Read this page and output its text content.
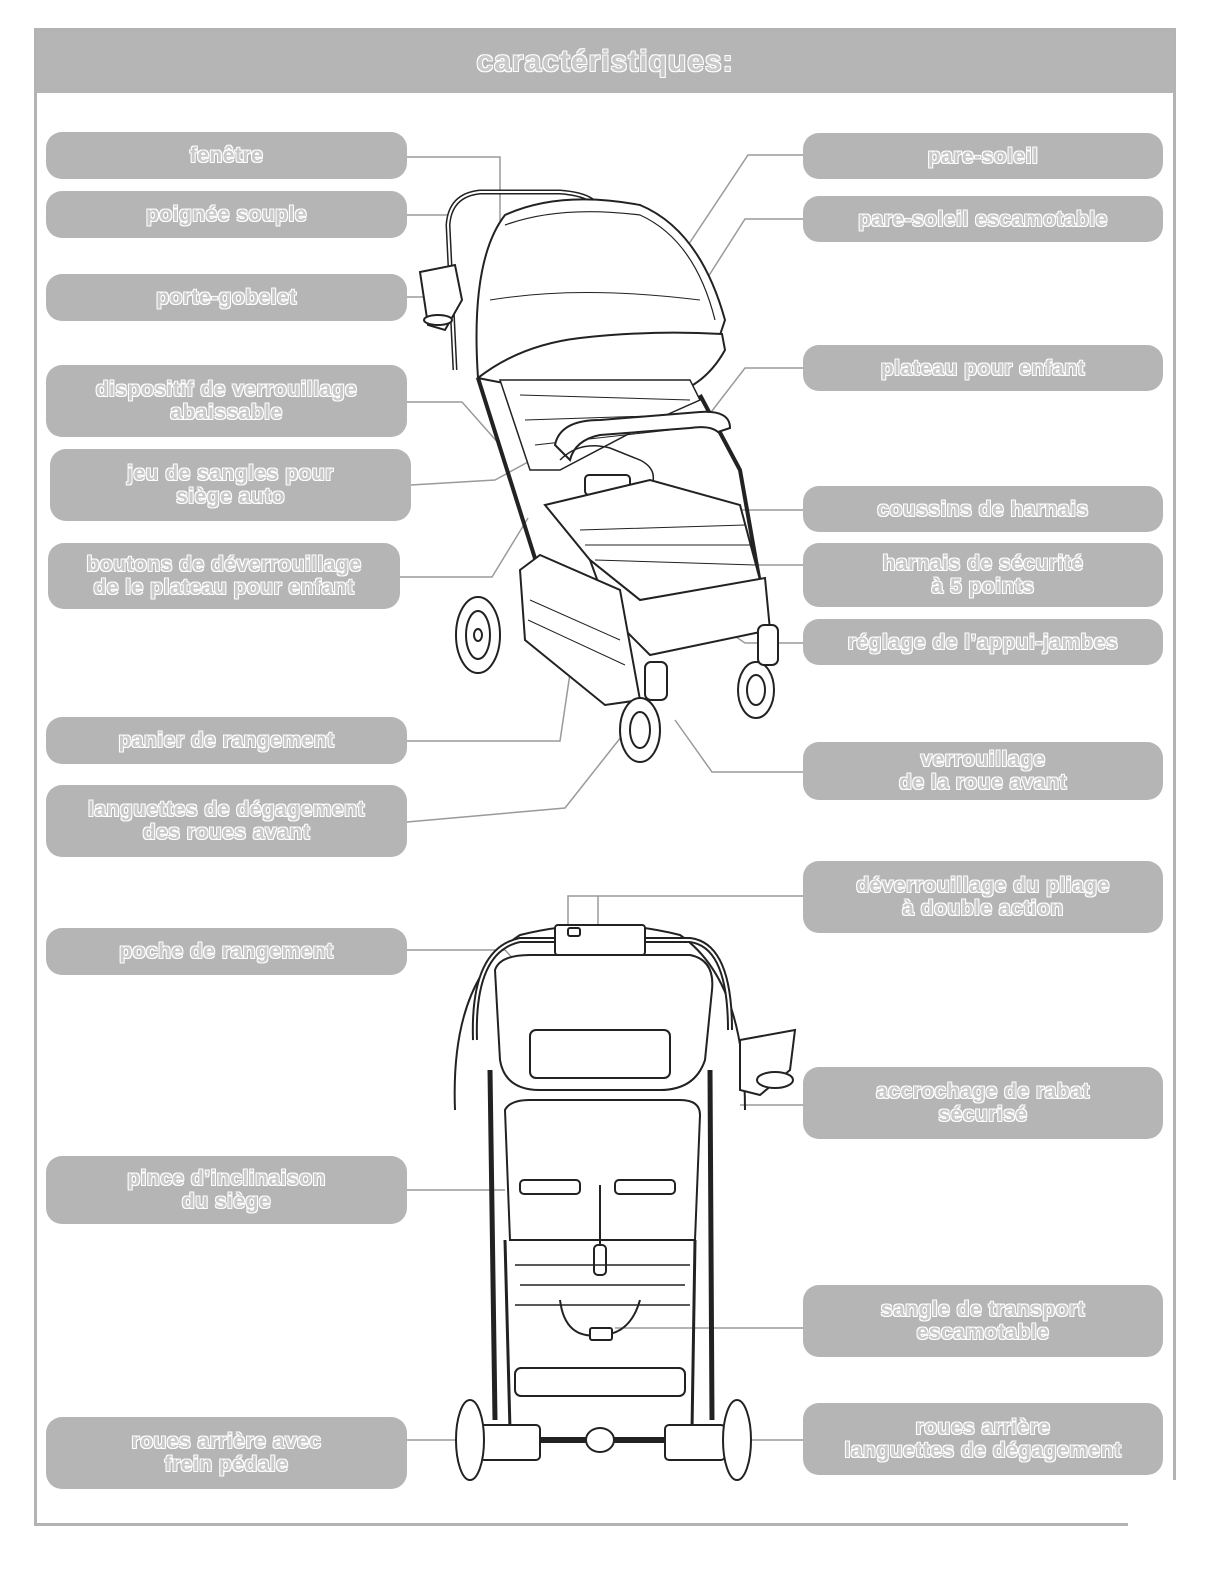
caractéristiques:
fenêtre
poignée souple
porte-gobelet
dispositif de verrouillage
abaissable
jeu de sangles pour
siège auto
boutons de déverrouillage
de le plateau pour enfant
panier de rangement
languettes de dégagement
des roues avant
pare-soleil
pare-soleil escamotable
plateau pour enfant
coussins de harnais
harnais de sécurité
à 5 points
réglage de l’appui-jambes
verrouillage
de la roue avant
poche de rangement
pince d’inclinaison
du siège
roues arrière avec
frein pédale
déverrouillage du pliage
à double action
accrochage de rabat
sécurisé
sangle de transport
escamotable
roues arrière
languettes de dégagement
